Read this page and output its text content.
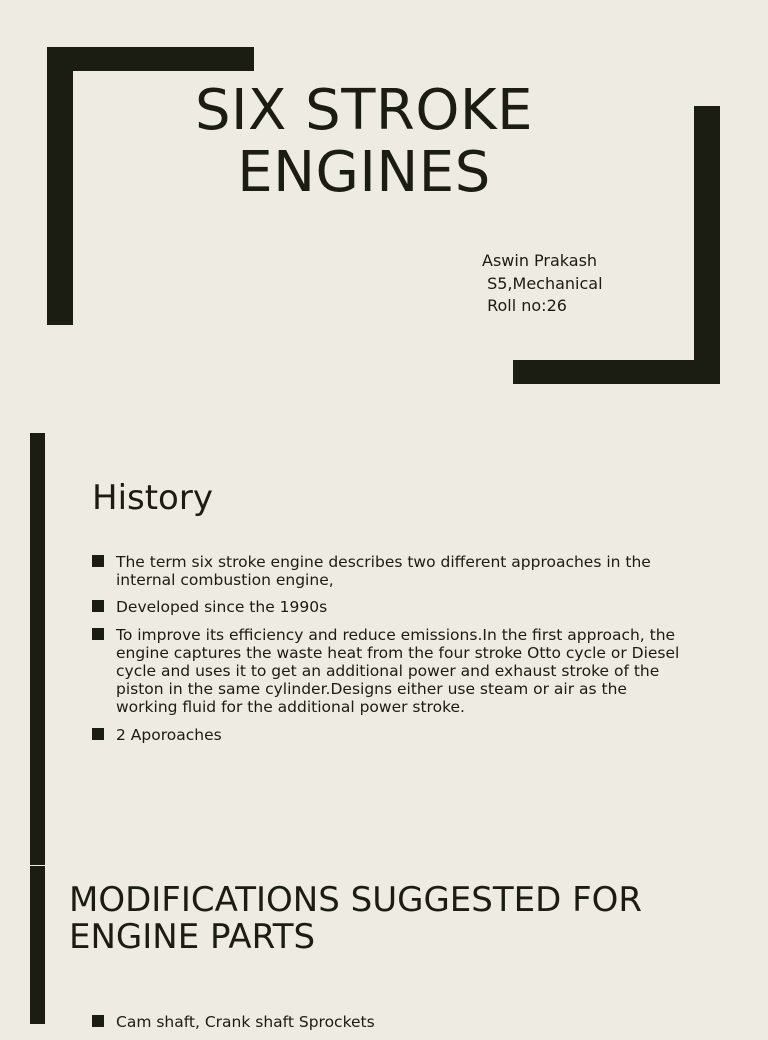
SIX STROKE
ENGINES
Aswin Prakash
S5,Mechanical
Roll no:26
History
The term six stroke engine describes two different approaches in the internal combustion engine,
Developed since the 1990s
To improve its efficiency and reduce emissions.In the first approach, the engine captures the waste heat from the four stroke Otto cycle or Diesel cycle and uses it to get an additional power and exhaust stroke of the piston in the same cylinder.Designs either use steam or air as the working fluid for the additional power stroke.
2 Aporoaches
MODIFICATIONS SUGGESTED FOR ENGINE PARTS
Cam shaft, Crank shaft Sprockets
